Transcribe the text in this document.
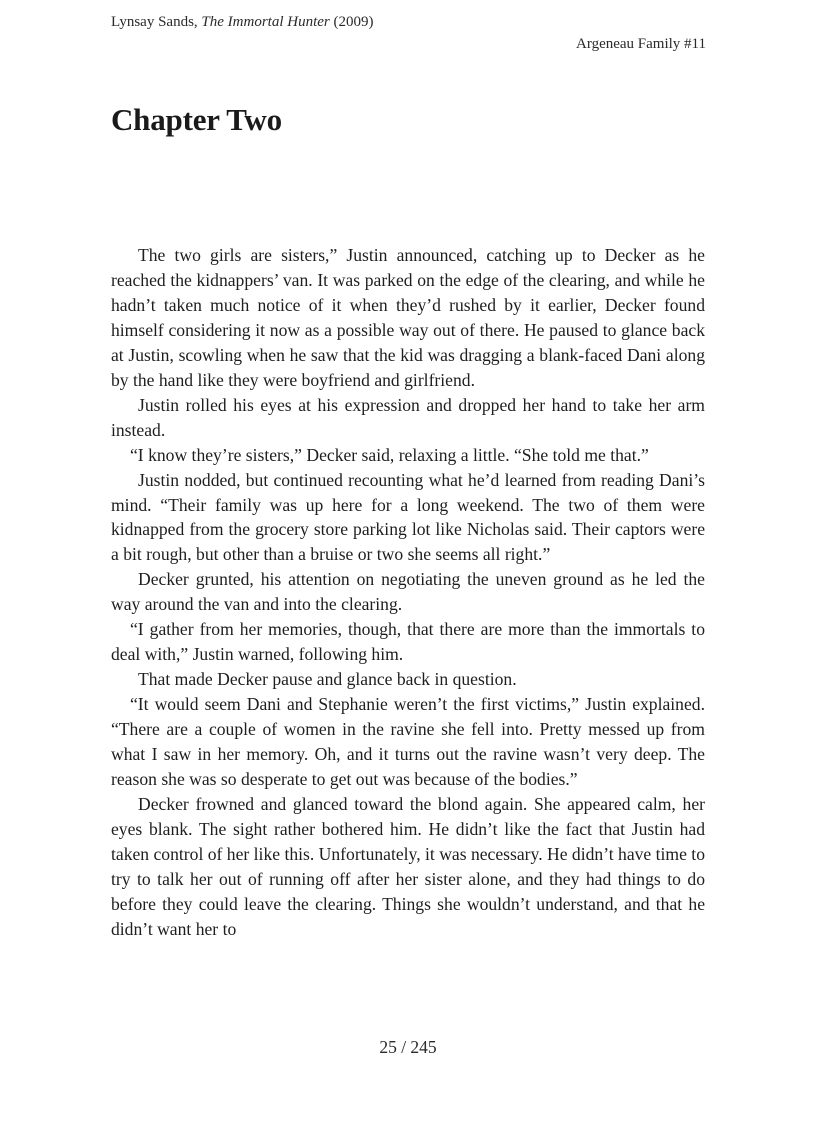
Lynsay Sands, The Immortal Hunter (2009)
Argeneau Family #11
Chapter Two

The two girls are sisters,” Justin announced, catching up to Decker as he reached the kidnappers’ van. It was parked on the edge of the clearing, and while he hadn’t taken much notice of it when they’d rushed by it earlier, Decker found himself considering it now as a possible way out of there. He paused to glance back at Justin, scowling when he saw that the kid was dragging a blank-faced Dani along by the hand like they were boyfriend and girlfriend.

Justin rolled his eyes at his expression and dropped her hand to take her arm instead.

“I know they’re sisters,” Decker said, relaxing a little. “She told me that.”

Justin nodded, but continued recounting what he’d learned from reading Dani’s mind. “Their family was up here for a long weekend. The two of them were kidnapped from the grocery store parking lot like Nicholas said. Their captors were a bit rough, but other than a bruise or two she seems all right.”

Decker grunted, his attention on negotiating the uneven ground as he led the way around the van and into the clearing.

“I gather from her memories, though, that there are more than the immortals to deal with,” Justin warned, following him.

That made Decker pause and glance back in question.

“It would seem Dani and Stephanie weren’t the first victims,” Justin explained. “There are a couple of women in the ravine she fell into. Pretty messed up from what I saw in her memory. Oh, and it turns out the ravine wasn’t very deep. The reason she was so desperate to get out was because of the bodies.”

Decker frowned and glanced toward the blond again. She appeared calm, her eyes blank. The sight rather bothered him. He didn’t like the fact that Justin had taken control of her like this. Unfortunately, it was necessary. He didn’t have time to try to talk her out of running off after her sister alone, and they had things to do before they could leave the clearing. Things she wouldn’t understand, and that he didn’t want her to

25 / 245
